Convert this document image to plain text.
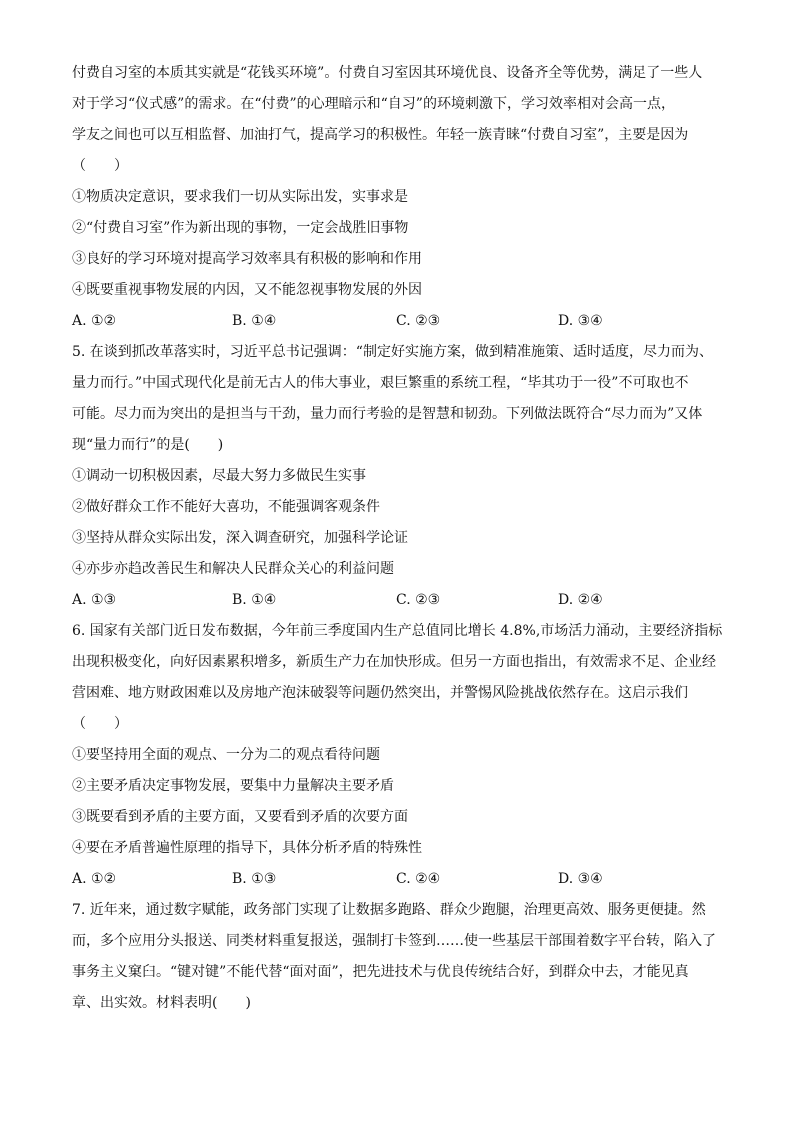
付费自习室的本质其实就是“花钱买环境”。付费自习室因其环境优良、设备齐全等优势，满足了一些人
对于学习“仪式感”的需求。在“付费”的心理暗示和“自习”的环境刺激下，学习效率相对会高一点，
学友之间也可以互相监督、加油打气，提高学习的积极性。年轻一族青睐“付费自习室”，主要是因为
（　　）
①物质决定意识，要求我们一切从实际出发，实事求是
②“付费自习室”作为新出现的事物，一定会战胜旧事物
③良好的学习环境对提高学习效率具有积极的影响和作用
④既要重视事物发展的内因，又不能忽视事物发展的外因
A. ①②	B. ①④	C. ②③	D. ③④
5. 在谈到抓改革落实时，习近平总书记强调：“制定好实施方案，做到精准施策、适时适度，尽力而为、
量力而行。”中国式现代化是前无古人的伟大事业，艰巨繁重的系统工程，“毕其功于一役”不可取也不
可能。尽力而为突出的是担当与干劲，量力而行考验的是智慧和韧劲。下列做法既符合“尽力而为”又体
现“量力而行”的是(　　)
①调动一切积极因素，尽最大努力多做民生实事
②做好群众工作不能好大喜功，不能强调客观条件
③坚持从群众实际出发，深入调查研究，加强科学论证
④亦步亦趋改善民生和解决人民群众关心的利益问题
A. ①③	B. ①④	C. ②③	D. ②④
6. 国家有关部门近日发布数据，今年前三季度国内生产总值同比增长 4.8%,市场活力涌动，主要经济指标
出现积极变化，向好因素累积增多，新质生产力在加快形成。但另一方面也指出，有效需求不足、企业经
营困难、地方财政困难以及房地产泡沫破裂等问题仍然突出，并警惕风险挑战依然存在。这启示我们
（　　）
①要坚持用全面的观点、一分为二的观点看待问题
②主要矛盾决定事物发展，要集中力量解决主要矛盾
③既要看到矛盾的主要方面，又要看到矛盾的次要方面
④要在矛盾普遍性原理的指导下，具体分析矛盾的特殊性
A. ①②	B. ①③	C. ②④	D. ③④
7. 近年来，通过数字赋能，政务部门实现了让数据多跑路、群众少跑腿，治理更高效、服务更便捷。然
而，多个应用分头报送、同类材料重复报送，强制打卡签到……使一些基层干部围着数字平台转，陷入了
事务主义窠臼。“键对键”不能代替“面对面”，把先进技术与优良传统结合好，到群众中去，才能见真
章、出实效。材料表明(　　)
